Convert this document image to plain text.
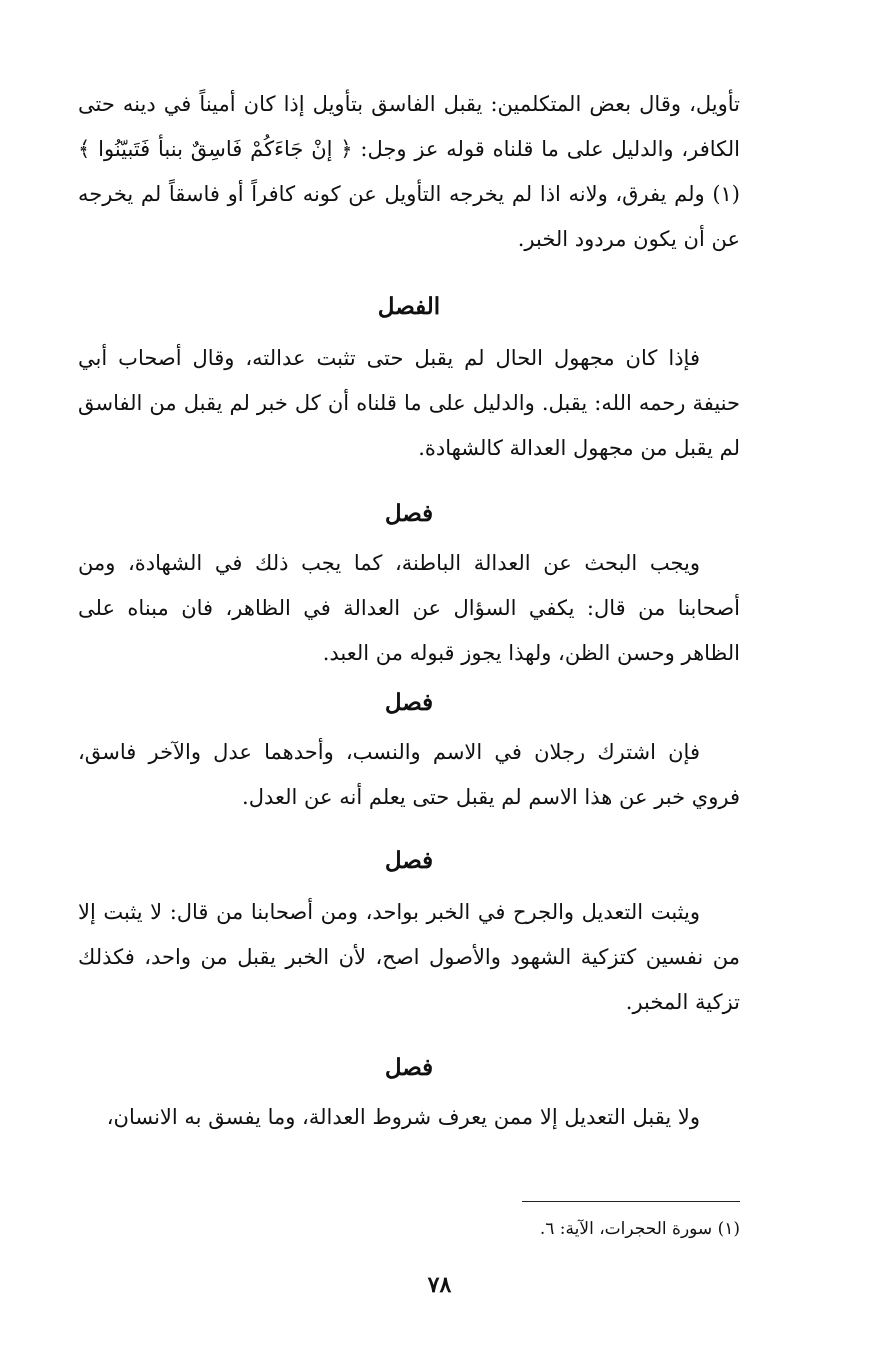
تأويل، وقال بعض المتكلمين: يقبل الفاسق بتأويل إذا كان أميناً في دينه حتى الكافر، والدليل على ما قلناه قوله عز وجل: ﴿ إنْ جَاءَكُمْ فَاسِقٌ بنبأ فَتَبيّنُوا ﴾ (١) ولم يفرق، ولانه اذا لم يخرجه التأويل عن كونه كافراً أو فاسقاً لم يخرجه عن أن يكون مردود الخبر.

الفصل

فإذا كان مجهول الحال لم يقبل حتى تثبت عدالته، وقال أصحاب أبي حنيفة رحمه الله: يقبل. والدليل على ما قلناه أن كل خبر لم يقبل من الفاسق لم يقبل من مجهول العدالة كالشهادة.

فصل

ويجب البحث عن العدالة الباطنة، كما يجب ذلك في الشهادة، ومن أصحابنا من قال: يكفي السؤال عن العدالة في الظاهر، فان مبناه على الظاهر وحسن الظن، ولهذا يجوز قبوله من العبد.

فصل

فإن اشترك رجلان في الاسم والنسب، وأحدهما عدل والآخر فاسق، فروي خبر عن هذا الاسم لم يقبل حتى يعلم أنه عن العدل.

فصل

ويثبت التعديل والجرح في الخبر بواحد، ومن أصحابنا من قال: لا يثبت إلا من نفسين كتزكية الشهود والأصول اصح، لأن الخبر يقبل من واحد، فكذلك تزكية المخبر.

فصل

ولا يقبل التعديل إلا ممن يعرف شروط العدالة، وما يفسق به الانسان،

(١) سورة الحجرات، الآية: ٦.
٧٨
